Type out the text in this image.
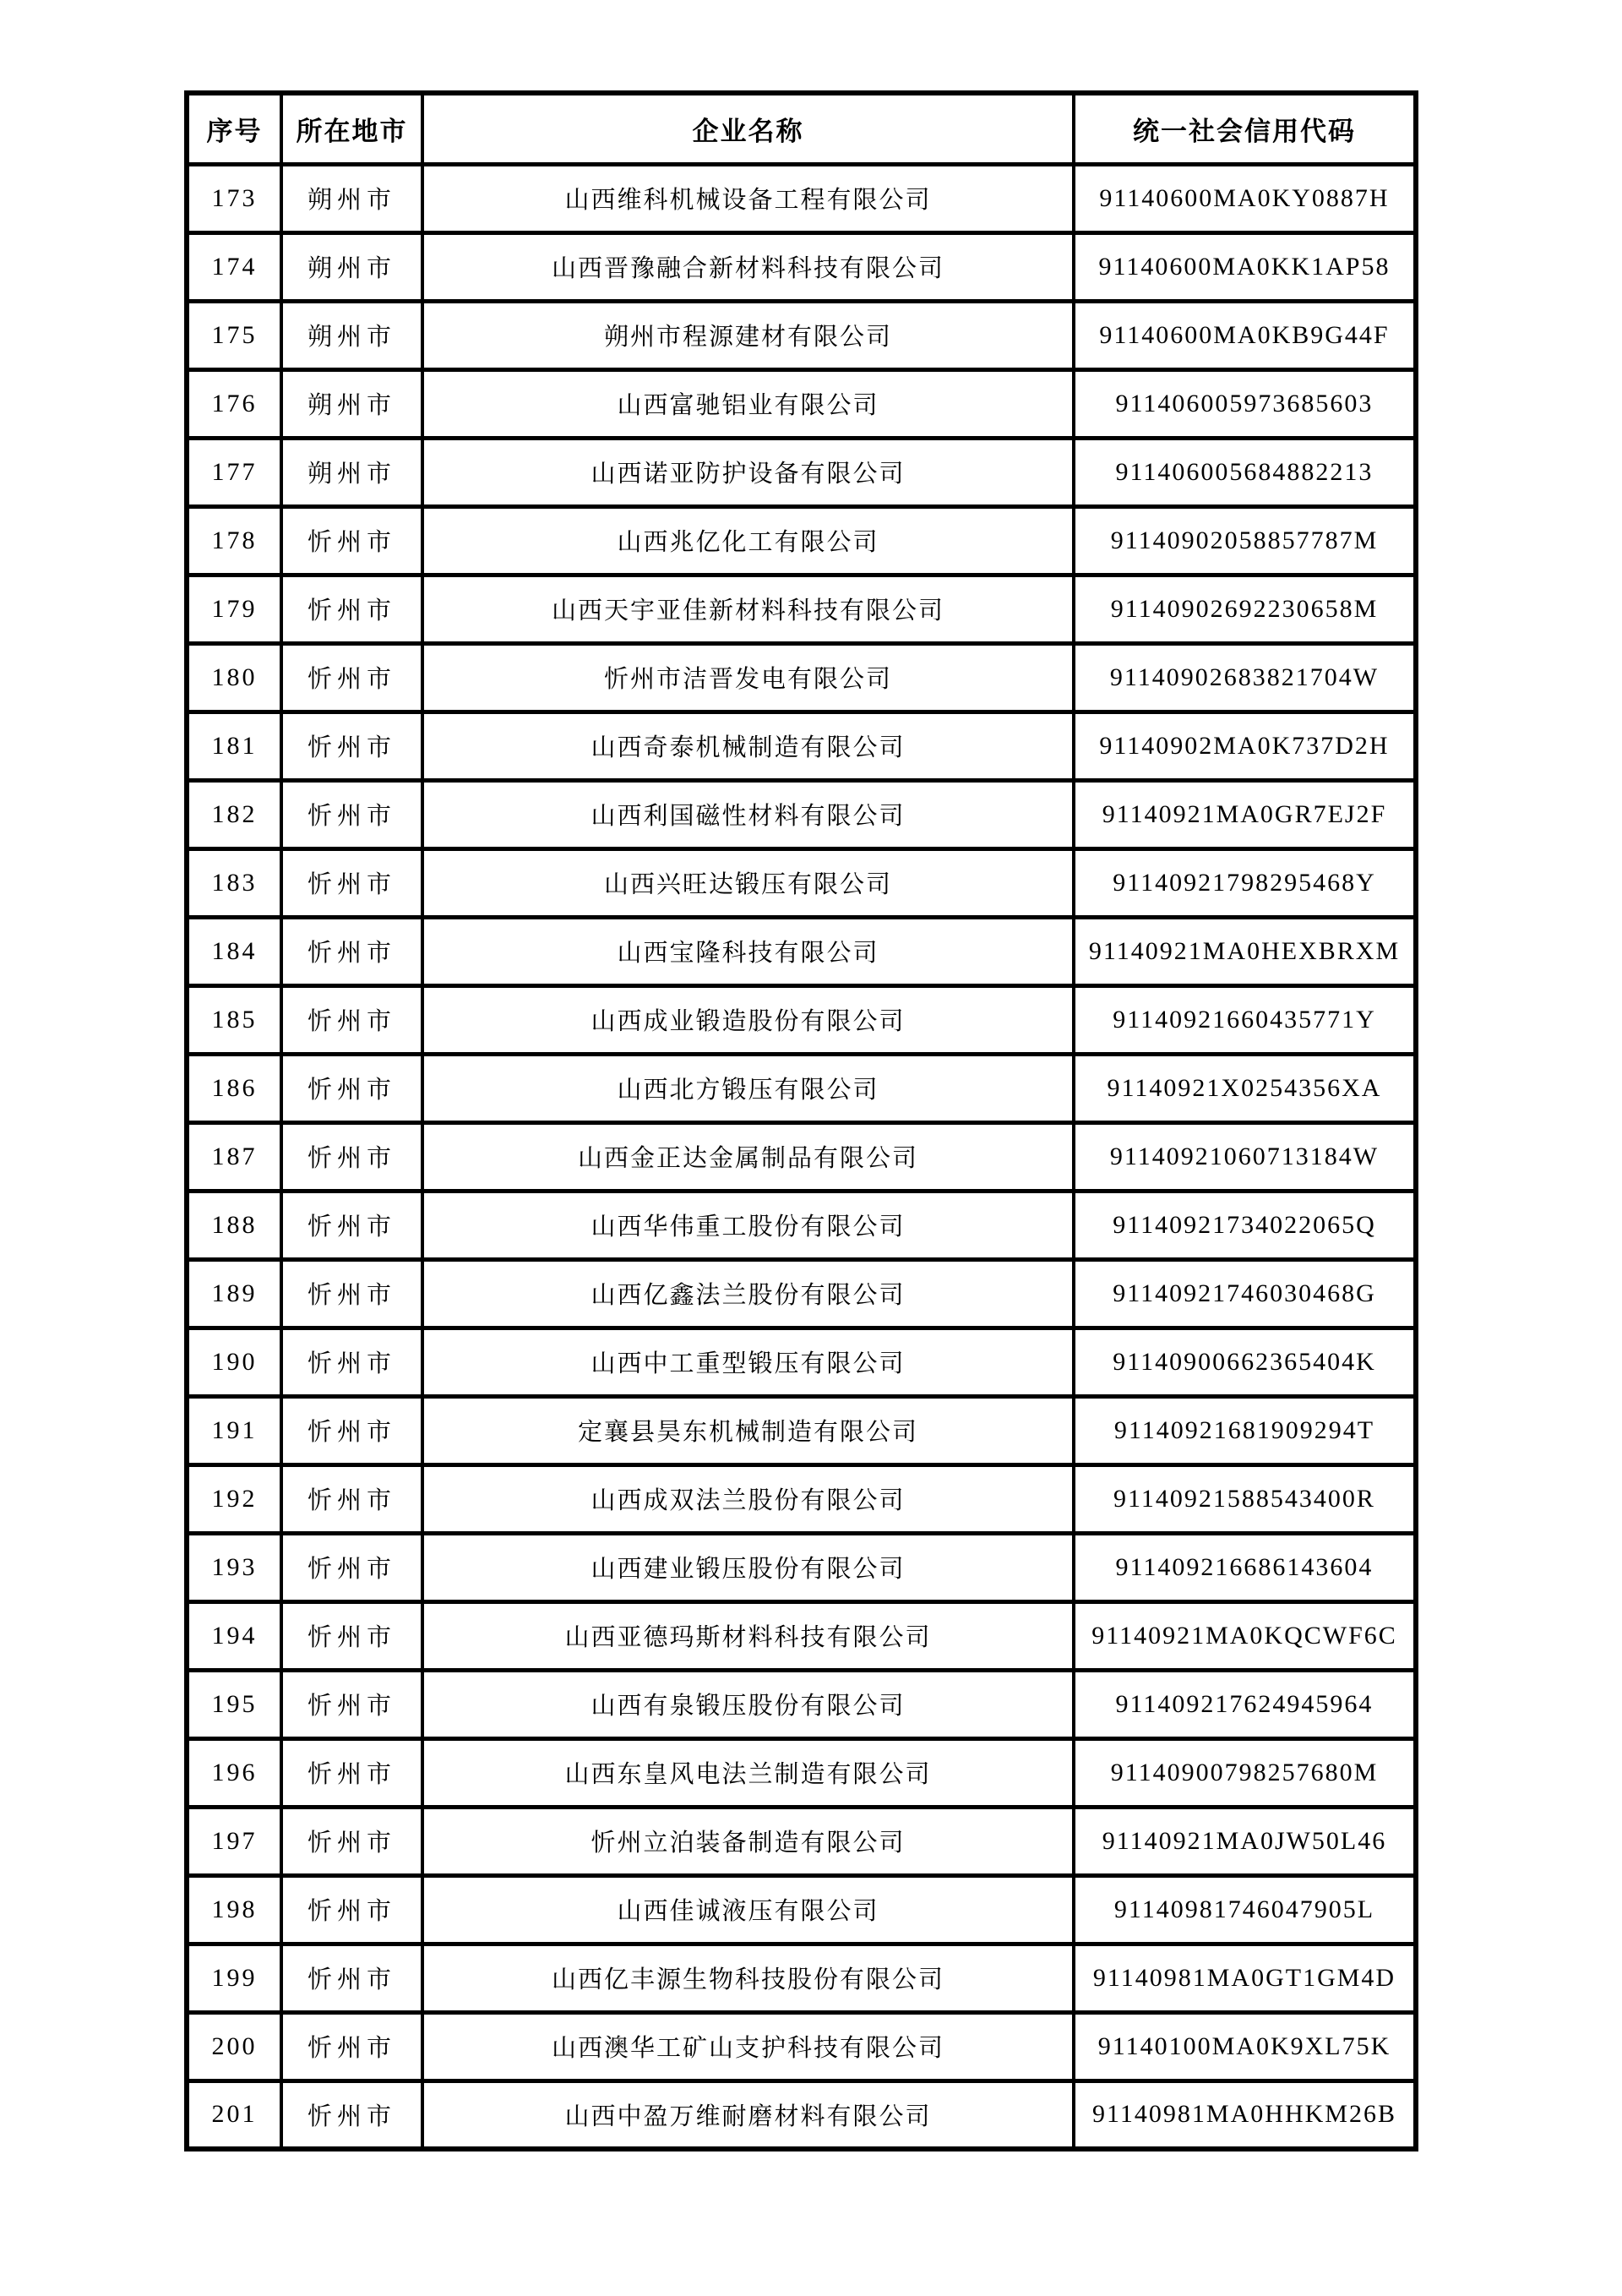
序号	所在地市	企业名称	统一社会信用代码
173	朔州市	山西维科机械设备工程有限公司	91140600MA0KY0887H
174	朔州市	山西晋豫融合新材料科技有限公司	91140600MA0KK1AP58
175	朔州市	朔州市程源建材有限公司	91140600MA0KB9G44F
176	朔州市	山西富驰铝业有限公司	911406005973685603
177	朔州市	山西诺亚防护设备有限公司	911406005684882213
178	忻州市	山西兆亿化工有限公司	91140902058857787M
179	忻州市	山西天宇亚佳新材料科技有限公司	91140902692230658M
180	忻州市	忻州市洁晋发电有限公司	91140902683821704W
181	忻州市	山西奇泰机械制造有限公司	91140902MA0K737D2H
182	忻州市	山西利国磁性材料有限公司	91140921MA0GR7EJ2F
183	忻州市	山西兴旺达锻压有限公司	91140921798295468Y
184	忻州市	山西宝隆科技有限公司	91140921MA0HEXBRXM
185	忻州市	山西成业锻造股份有限公司	91140921660435771Y
186	忻州市	山西北方锻压有限公司	91140921X0254356XA
187	忻州市	山西金正达金属制品有限公司	91140921060713184W
188	忻州市	山西华伟重工股份有限公司	91140921734022065Q
189	忻州市	山西亿鑫法兰股份有限公司	91140921746030468G
190	忻州市	山西中工重型锻压有限公司	91140900662365404K
191	忻州市	定襄县昊东机械制造有限公司	91140921681909294T
192	忻州市	山西成双法兰股份有限公司	91140921588543400R
193	忻州市	山西建业锻压股份有限公司	911409216686143604
194	忻州市	山西亚德玛斯材料科技有限公司	91140921MA0KQCWF6C
195	忻州市	山西有泉锻压股份有限公司	911409217624945964
196	忻州市	山西东皇风电法兰制造有限公司	91140900798257680M
197	忻州市	忻州立泊装备制造有限公司	91140921MA0JW50L46
198	忻州市	山西佳诚液压有限公司	91140981746047905L
199	忻州市	山西亿丰源生物科技股份有限公司	91140981MA0GT1GM4D
200	忻州市	山西澳华工矿山支护科技有限公司	91140100MA0K9XL75K
201	忻州市	山西中盈万维耐磨材料有限公司	91140981MA0HHKM26B
